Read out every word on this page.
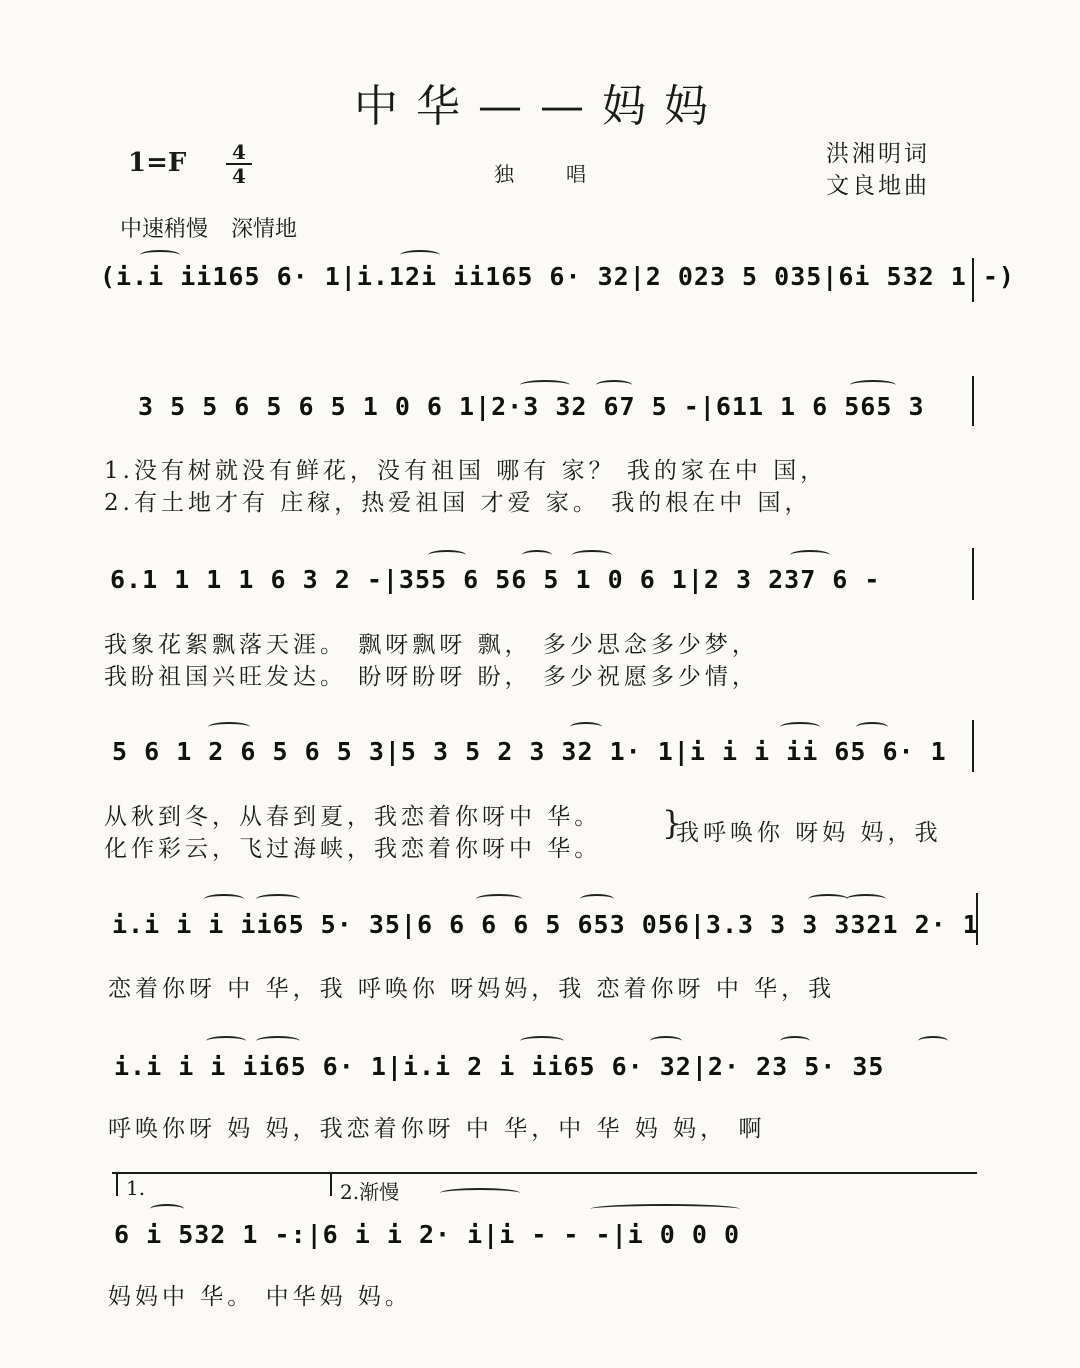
中华——妈妈
1=F	4
4	独唱
洪湘明词
文良地曲
中速稍慢 深情地
(i.i ii165 6· 1|i.12i ii165 6· 32|2 023 5 035|6i 532 1 -)
3 5 5 6 5 6 5 1 0 6 1|2·3 32 67 5 -|611 1 6 565 3
1.没有树就没有鲜花，没有祖国 哪有 家？ 我的家在中 国，
2.有土地才有 庄稼，热爱祖国 才爱 家。 我的根在中 国，
6.1 1 1 1 6 3 2 -|355 6 56 5 1 0 6 1|2 3 237 6 -
我象花絮飘落天涯。 飘呀飘呀 飘， 多少思念多少梦，
我盼祖国兴旺发达。 盼呀盼呀 盼， 多少祝愿多少情，
5 6 1 2 6 5 6 5 3|5 3 5 2 3 32 1· 1|i i i ii 65 6· 1
从秋到冬，从春到夏，我恋着你呀中 华。
化作彩云，飞过海峡，我恋着你呀中 华。
}
我呼唤你 呀妈 妈，我
i.i i i ii65 5· 35|6 6 6 6 5 653 056|3.3 3 3 3321 2· 1
恋着你呀 中 华，我 呼唤你 呀妈妈，我 恋着你呀 中 华，我
i.i i i ii65 6· 1|i.i 2 i ii65 6· 32|2· 23 5· 35
呼唤你呀 妈 妈，我恋着你呀 中 华，中 华 妈 妈， 啊
1.	2.渐慢
6 i 532 1 -:|6 i i 2· i|i - - -|i 0 0 0
妈妈中 华。 中华妈 妈。
